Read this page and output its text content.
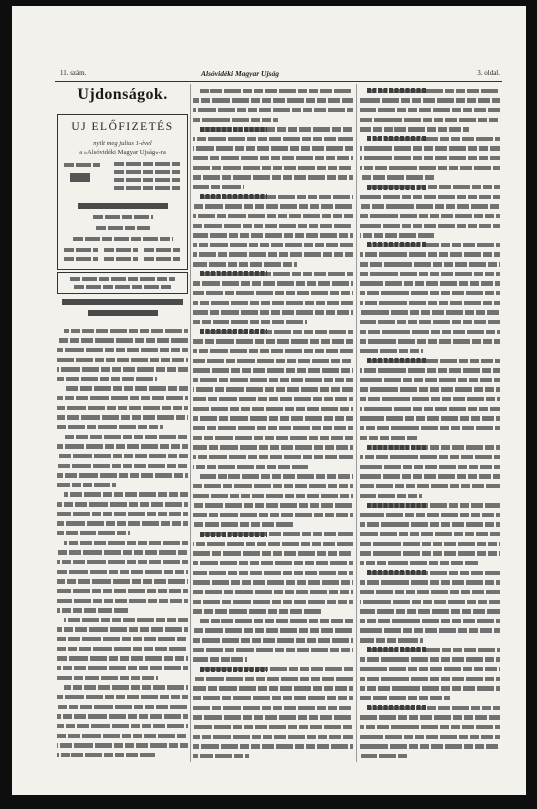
11. szám.	Alsóvidéki Magyar Ujság	3. oldal.
Ujdonságok.
UJ ELŐFIZETÉS
nyilt meg julius 1-ével
a »Alsóvidéki Magyar Ujság«-ra
